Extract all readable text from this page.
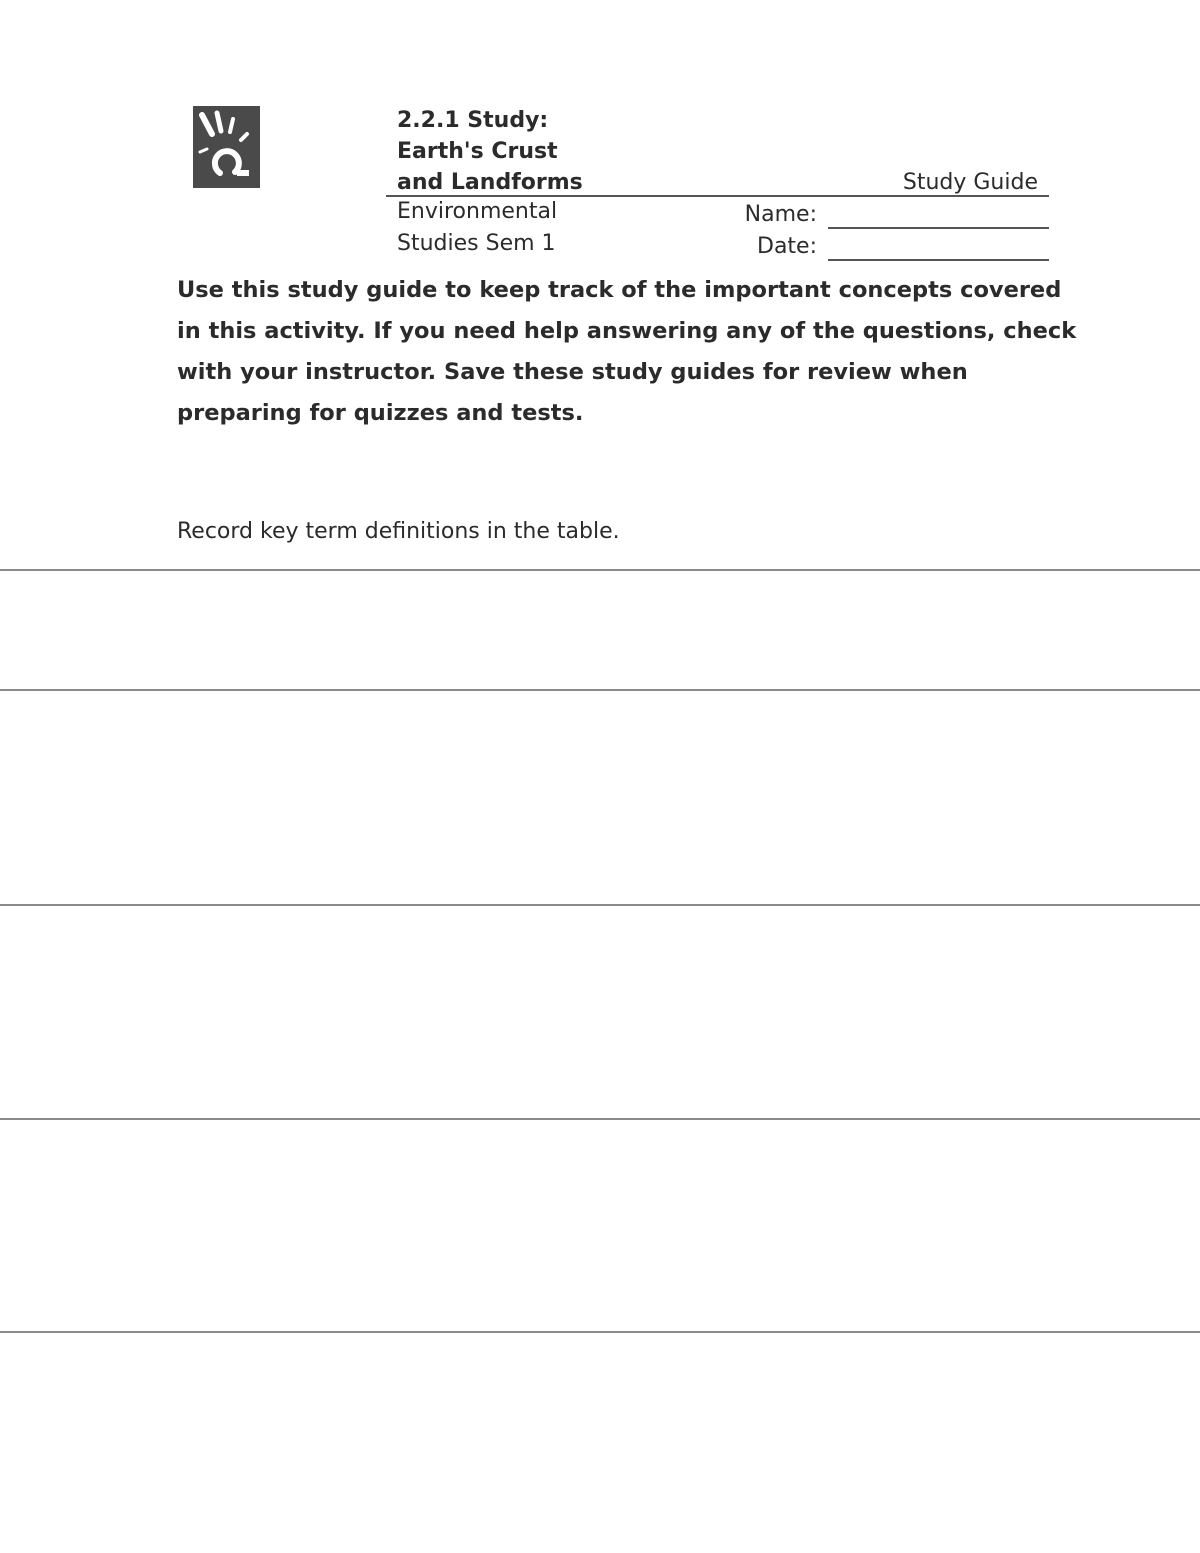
2.2.1 Study:
Earth's Crust
and Landforms	Study Guide
Environmental
Studies Sem 1
Name:
Date:
Use this study guide to keep track of the important concepts covered in this activity. If you need help answering any of the questions, check with your instructor. Save these study guides for review when preparing for quizzes and tests.
Record key term definitions in the table.
